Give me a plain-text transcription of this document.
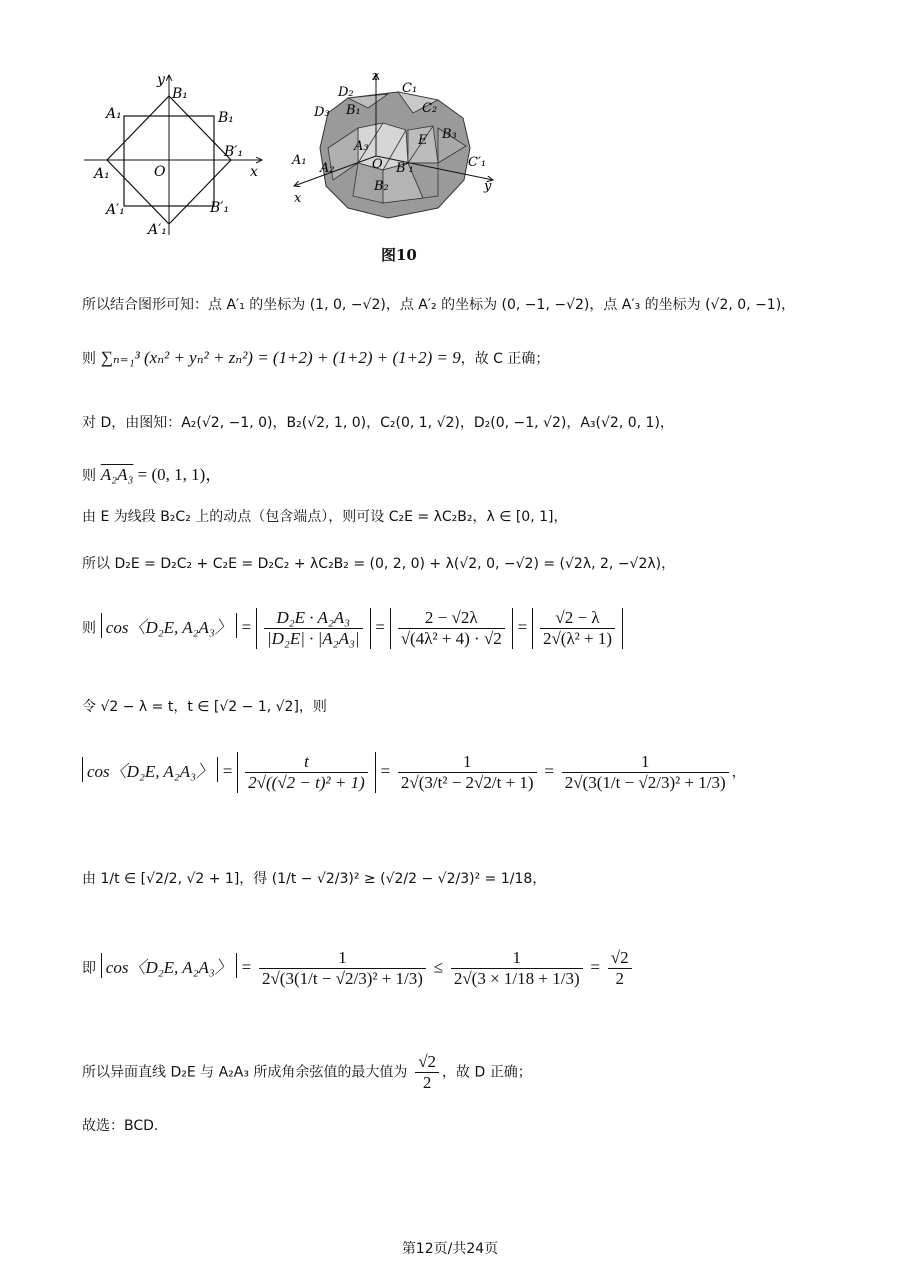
y
x
O
B₁
A₁	B₁
B′₁
A₁
A′₁	B′₁
A′₁
z
C₁
D₂
C₂
D₃ B₁
E B₃
A₁
A₃
O B′₁	C′₁
A₂
B₂
x
y
图10
所以结合图形可知：点 A′₁ 的坐标为 (1, 0, −√2)，点 A′₂ 的坐标为 (0, −1, −√2)，点 A′₃ 的坐标为 (√2, 0, −1)，
则 ∑ₙ₌₁³ (xₙ² + yₙ² + zₙ²) = (1+2) + (1+2) + (1+2) = 9，故 C 正确；
对 D，由图知：A₂(√2, −1, 0)，B₂(√2, 1, 0)，C₂(0, 1, √2)，D₂(0, −1, √2)，A₃(√2, 0, 1)，
则 A₂A₃ = (0, 1, 1)，
由 E 为线段 B₂C₂ 上的动点（包含端点），则可设 C₂E = λC₂B₂，λ ∈ [0, 1]，
所以 D₂E = D₂C₂ + C₂E = D₂C₂ + λC₂B₂ = (0, 2, 0) + λ(√2, 0, −√2) = (√2λ, 2, −√2λ)，
则 cos〈D₂E, A₂A₃〉 = $\frac{\text{D₂E · A₂A₃}}{\text{|D₂E| · |A₂A₃|}} = \frac{2 - √2\lambda}{\text{√(4λ² + 4) · √2}} = \frac{√2 - \lambda}{\text{2√(λ² + 1)}}$
令 √2 − λ = t，t ∈ [√2 − 1, √2]，则
cos〈D₂E, A₂A₃〉 = $\frac{t}{\text{2√((√2 − t)² + 1)}} = \frac{1}{\text{2√(3/t² − 2√2/t + 1)}} = \frac{1}{\text{2√(3(1/t − √2/3)² + 1/3)}}$ ，
由 1/t ∈ [√2/2, √2 + 1]，得 (1/t − √2/3)² ≥ (√2/2 − √2/3)² = 1/18，
即 cos〈D₂E, A₂A₃〉 = $\frac{1}{\text{2√(3(1/t − √2/3)² + 1/3)}} \le \frac{1}{2√(3 \times 1/18 + 1/3)} = \frac{√2}{2}$
所以异面直线 D₂E 与 A₂A₃ 所成角余弦值的最大值为 $\frac{√2}{2}$ ，故 D 正确；
故选：BCD.
第12页/共24页
